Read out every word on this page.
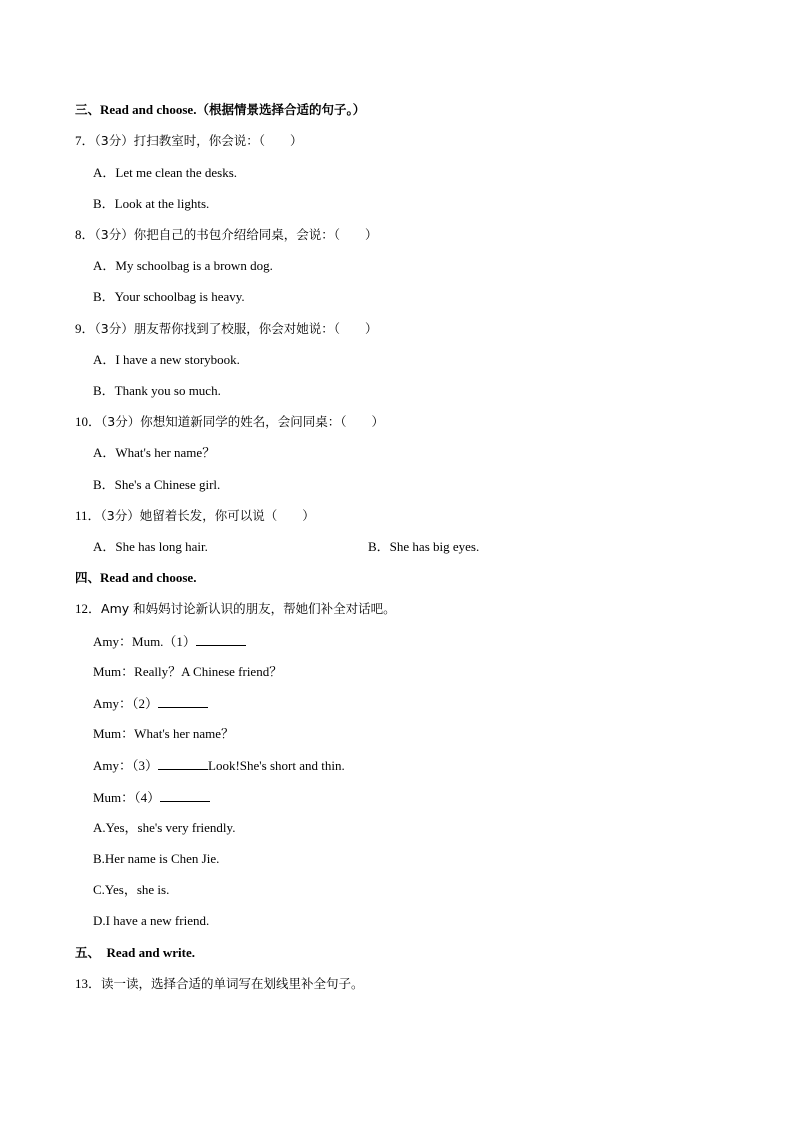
三、Read and choose.（根据情景选择合适的句子。）
7．（3分）打扫教室时，你会说：（　　）
A．Let me clean the desks.
B．Look at the lights.
8．（3分）你把自己的书包介绍给同桌，会说：（　　）
A．My schoolbag is a brown dog.
B．Your schoolbag is heavy.
9．（3分）朋友帮你找到了校服，你会对她说：（　　）
A．I have a new storybook.
B．Thank you so much.
10．（3分）你想知道新同学的姓名，会问同桌：（　　）
A．What's her name？
B．She's a Chinese girl.
11．（3分）她留着长发，你可以说（　　）
A．She has long hair.	B．She has big eyes.
四、Read and choose.
12．Amy 和妈妈讨论新认识的朋友，帮她们补全对话吧。
Amy：Mum.（1）
Mum：Really？A Chinese friend？
Amy：（2）
Mum：What's her name？
Amy：（3）	Look!She's short and thin.
Mum：（4）
A.Yes，she's very friendly.
B.Her name is Chen Jie.
C.Yes，she is.
D.I have a new friend.
五、 Read and write.
13．读一读，选择合适的单词写在划线里补全句子。
